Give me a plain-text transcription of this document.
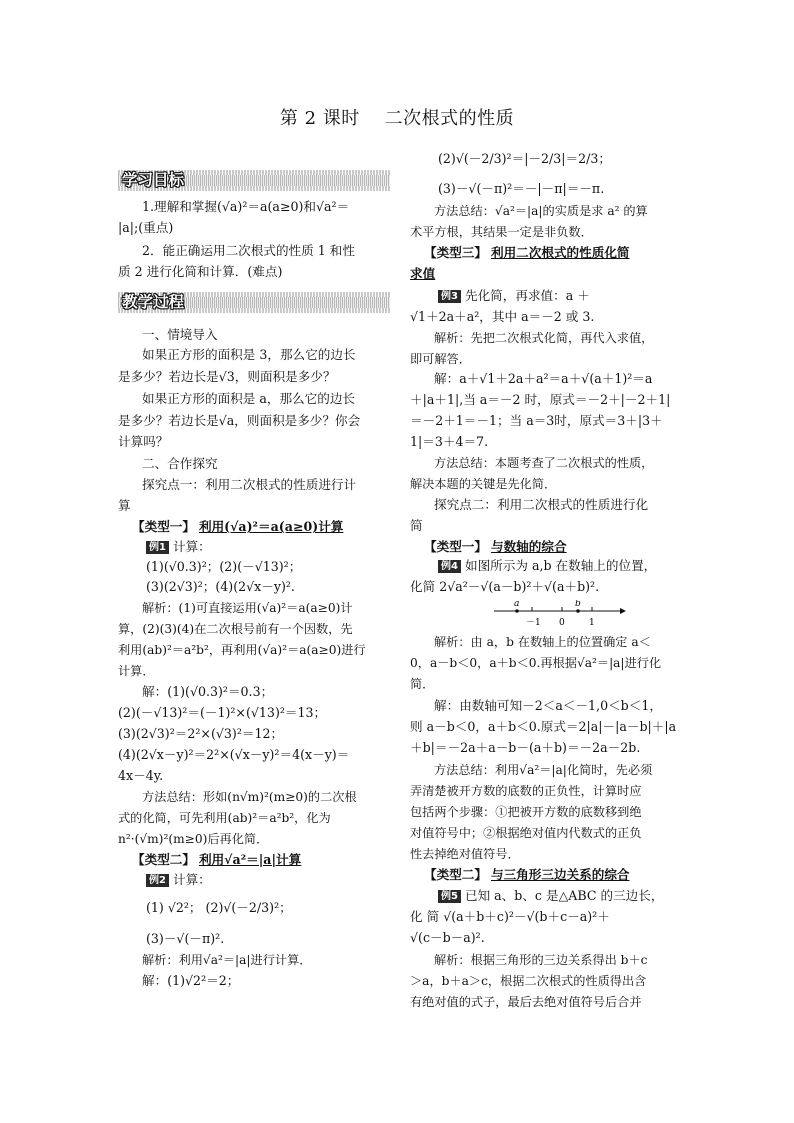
第 2 课时    二次根式的性质
学习目标
1.理解和掌握(√a)²＝a(a≥0)和√a²＝
|a|;(重点)
2．能正确运用二次根式的性质 1 和性
质 2 进行化简和计算．(难点)
教学过程
一、情境导入
如果正方形的面积是 3，那么它的边长
是多少？若边长是√3，则面积是多少？
如果正方形的面积是 a，那么它的边长
是多少？若边长是√a，则面积是多少？你会
计算吗？
二、合作探究
探究点一：利用二次根式的性质进行计
算
【类型一】 利用(√a)²＝a(a≥0)计算
例1 计算：
(1)(√0.3)²；(2)(－√13)²；
(3)(2√3)²；(4)(2√x－y)².
解析：(1)可直接运用(√a)²＝a(a≥0)计
算，(2)(3)(4)在二次根号前有一个因数，先
利用(ab)²＝a²b²，再利用(√a)²＝a(a≥0)进行
计算．
解：(1)(√0.3)²＝0.3；
(2)(－√13)²＝(－1)²×(√13)²＝13；
(3)(2√3)²＝2²×(√3)²＝12；
(4)(2√x－y)²＝2²×(√x－y)²＝4(x－y)＝
4x－4y.
方法总结：形如(n√m)²(m≥0)的二次根
式的化简，可先利用(ab)²＝a²b²，化为
n²·(√m)²(m≥0)后再化简．
【类型二】 利用√a²＝|a|计算
例2 计算：
(1) √2²； (2)√(－2/3)²；
(3)－√(－π)².
解析：利用√a²＝|a|进行计算．
解：(1)√2²＝2；
(2)√(－2/3)²＝|－2/3|＝2/3；
(3)－√(－π)²＝－|－π|＝－π.
方法总结：√a²＝|a|的实质是求 a² 的算
术平方根，其结果一定是非负数．
【类型三】 利用二次根式的性质化简
求值
例3 先化简，再求值：a ＋
√1＋2a＋a²，其中 a＝－2 或 3.
解析：先把二次根式化简，再代入求值，
即可解答．
解：a＋√1＋2a＋a²＝a＋√(a＋1)²＝a
＋|a＋1|,当 a＝－2 时，原式＝－2＋|－2＋1|
＝－2＋1＝－1；当 a＝3时，原式＝3＋|3＋
1|＝3＋4＝7.
方法总结：本题考查了二次根式的性质，
解决本题的关键是先化简．
探究点二：利用二次根式的性质进行化
简
【类型一】 与数轴的综合
例4 如图所示为 a,b 在数轴上的位置，
化简 2√a²－√(a－b)²＋√(a＋b)².
a	b
－1 0	1
解析：由 a，b 在数轴上的位置确定 a＜
0，a－b＜0，a＋b＜0.再根据√a²＝|a|进行化
简．
解：由数轴可知－2＜a＜－1,0＜b＜1，
则 a－b＜0，a＋b＜0.原式＝2|a|－|a－b|＋|a
＋b|＝－2a＋a－b－(a＋b)＝－2a－2b.
方法总结：利用√a²＝|a|化简时，先必须
弄清楚被开方数的底数的正负性，计算时应
包括两个步骤：①把被开方数的底数移到绝
对值符号中；②根据绝对值内代数式的正负
性去掉绝对值符号．
【类型二】 与三角形三边关系的综合
例5 已知 a、b、c 是△ABC 的三边长，
化 简 √(a＋b＋c)²－√(b＋c－a)²＋
√(c－b－a)².
解析：根据三角形的三边关系得出 b＋c
＞a，b＋a＞c，根据二次根式的性质得出含
有绝对值的式子，最后去绝对值符号后合并
